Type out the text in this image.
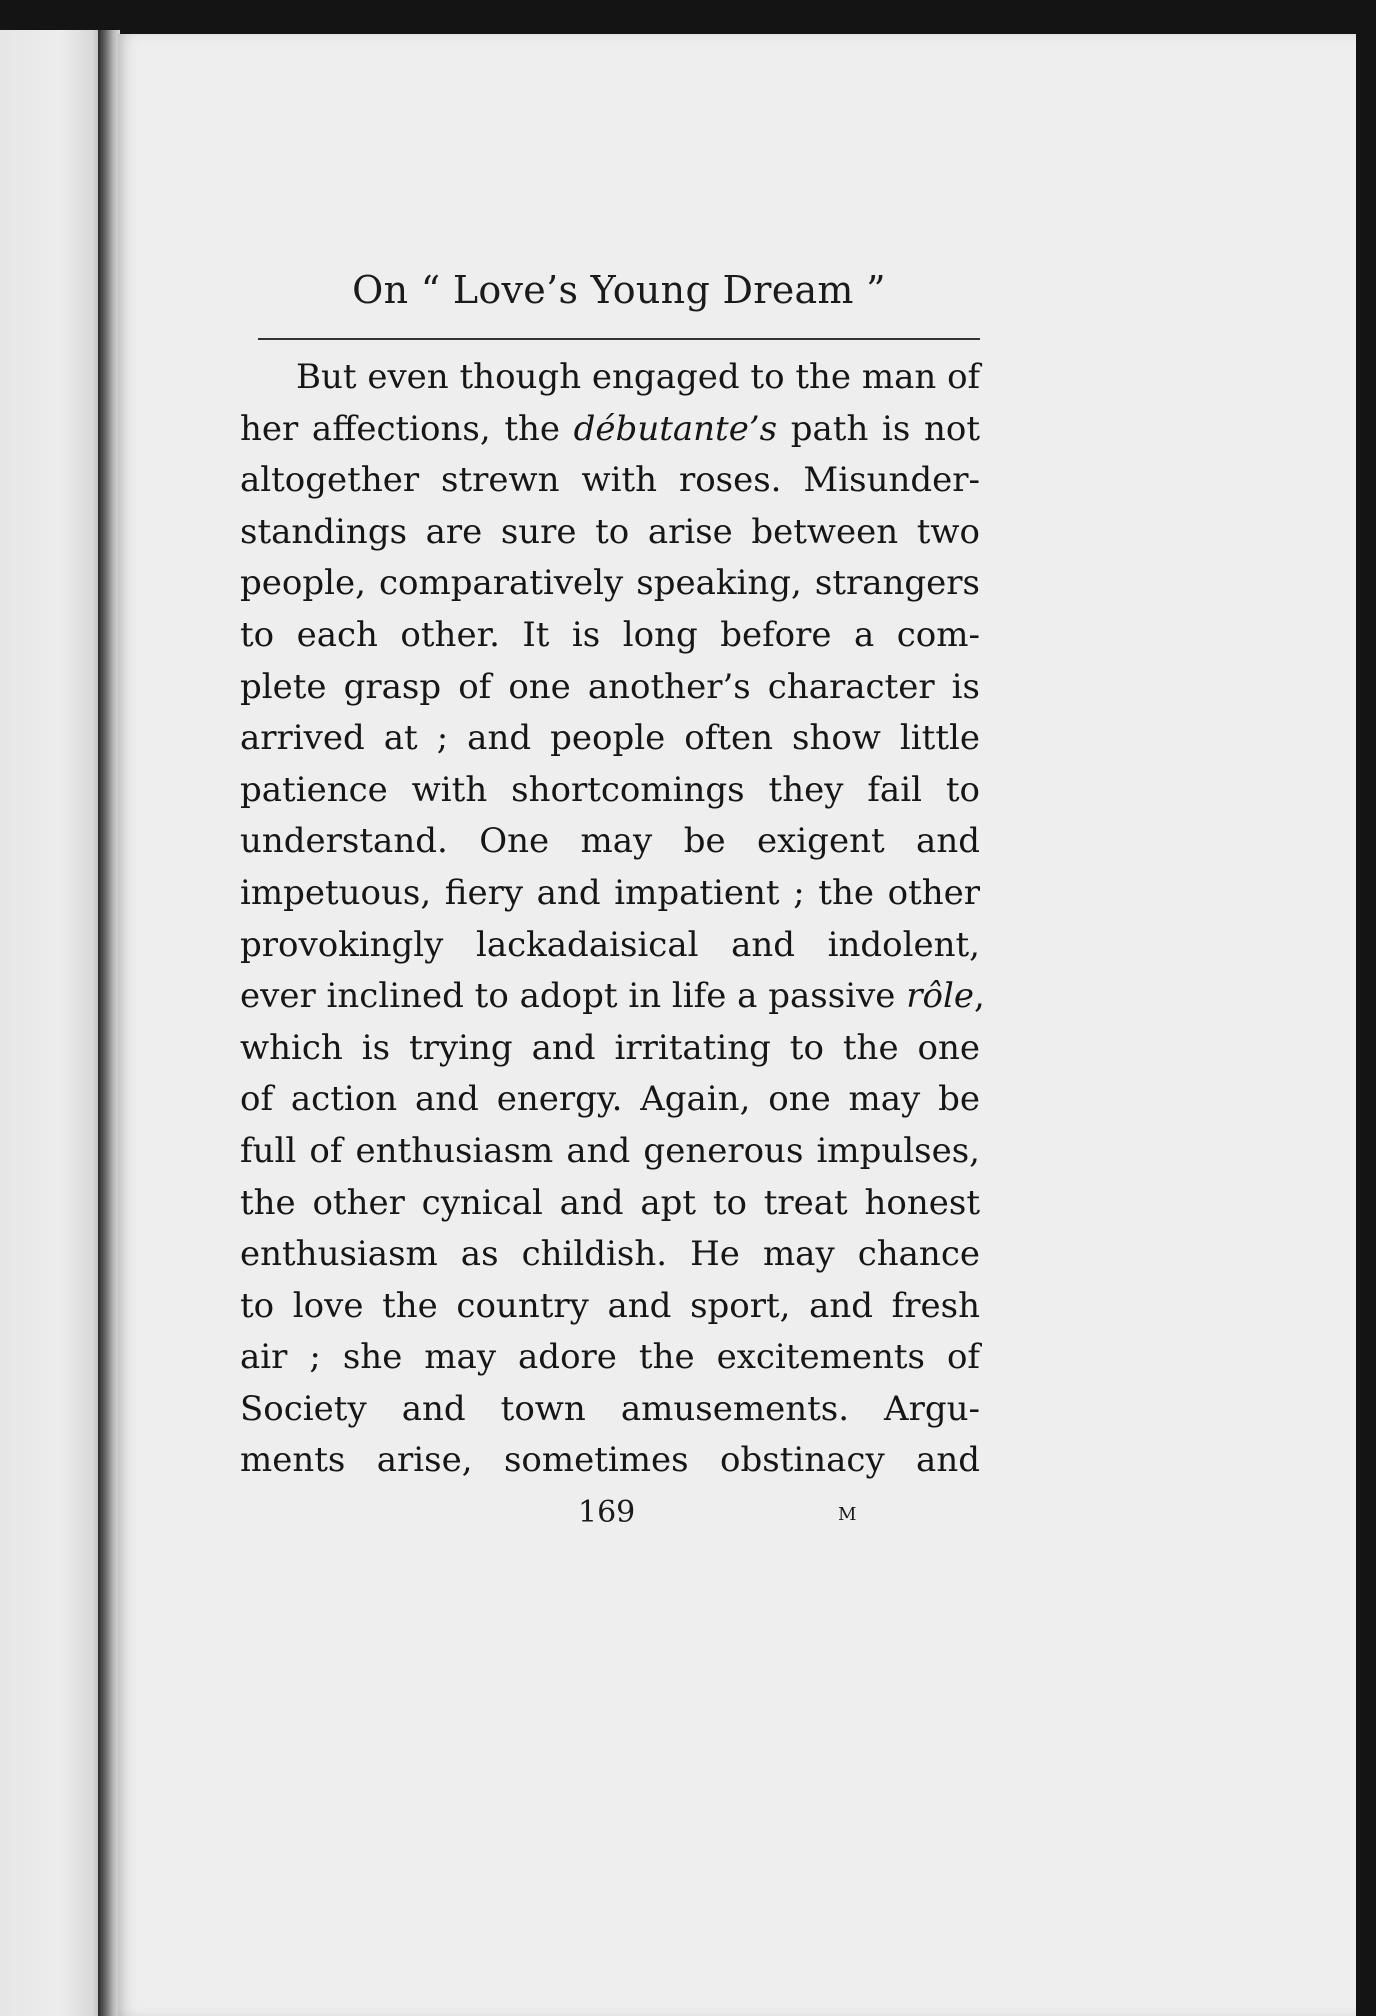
On “ Love’s Young Dream ”
But even though engaged to the man of
her affections, the débutante’s path is not
altogether strewn with roses. Misunder-
standings are sure to arise between two
people, comparatively speaking, strangers
to each other. It is long before a com-
plete grasp of one another’s character is
arrived at ; and people often show little
patience with shortcomings they fail to
understand. One may be exigent and
impetuous, fiery and impatient ; the other
provokingly lackadaisical and indolent,
ever inclined to adopt in life a passive rôle,
which is trying and irritating to the one
of action and energy. Again, one may be
full of enthusiasm and generous impulses,
the other cynical and apt to treat honest
enthusiasm as childish. He may chance
to love the country and sport, and fresh
air ; she may adore the excitements of
Society and town amusements. Argu-
ments arise, sometimes obstinacy and
169	M
